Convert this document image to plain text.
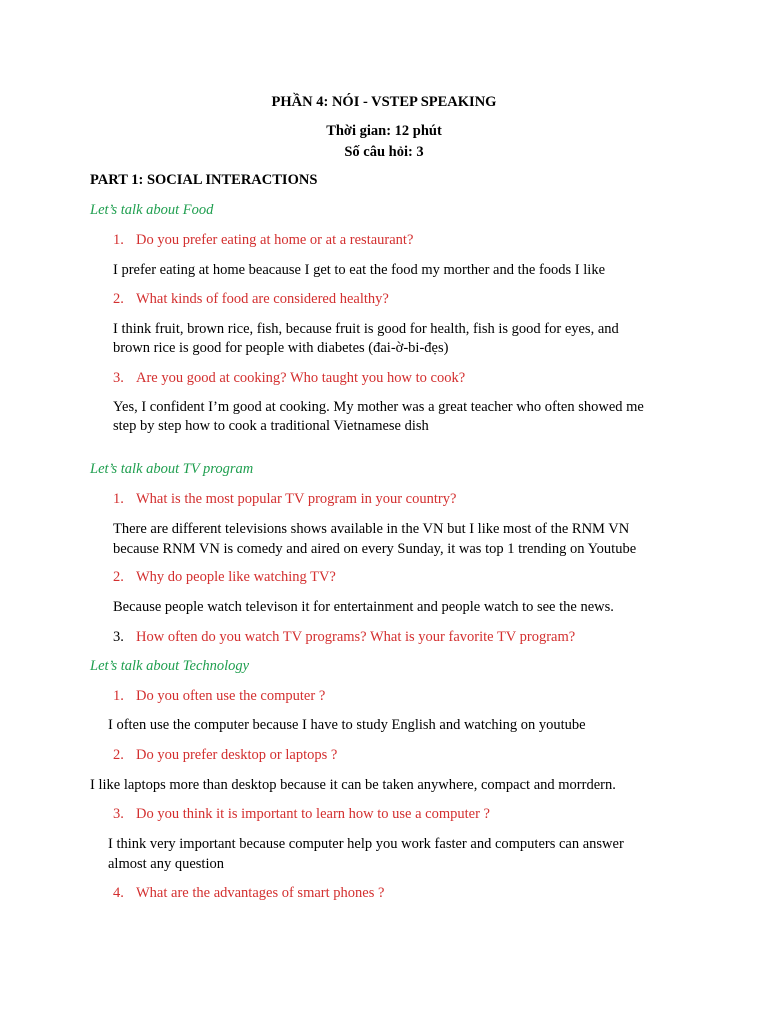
PHẦN 4: NÓI - VSTEP SPEAKING
Thời gian: 12 phút
Số câu hỏi: 3
PART 1: SOCIAL INTERACTIONS
Let’s talk about Food
1. Do you prefer eating at home or at a restaurant?
I prefer eating at home beacause I get to eat the food my morther and the foods I like
2. What kinds of food are considered healthy?
I think fruit, brown rice, fish, because fruit is good for health, fish is good for eyes, and
brown rice is good for people with diabetes (đai-ờ-bi-đẹs)
3. Are you good at cooking? Who taught you how to cook?
Yes, I confident I’m good at cooking. My mother was a great teacher who often showed me
step by step how to cook a traditional Vietnamese dish
Let’s talk about TV program
1. What is the most popular TV program in your country?
There are different televisions shows available in the VN but I like most of the RNM VN
because RNM VN is comedy and aired on every Sunday, it was top 1 trending on Youtube
2. Why do people like watching TV?
Because people watch televison it for entertainment and people watch to see the news.
3. How often do you watch TV programs? What is your favorite TV program?
Let’s talk about Technology
1. Do you often use the computer ?
I often use the computer because I have to study English and watching on youtube
2. Do you prefer desktop or laptops ?
I like laptops more than desktop because it can be taken anywhere, compact and morrdern.
3. Do you think it is important to learn how to use a computer ?
I think very important because computer help you work faster and computers can answer
almost any question
4. What are the advantages of smart phones ?
